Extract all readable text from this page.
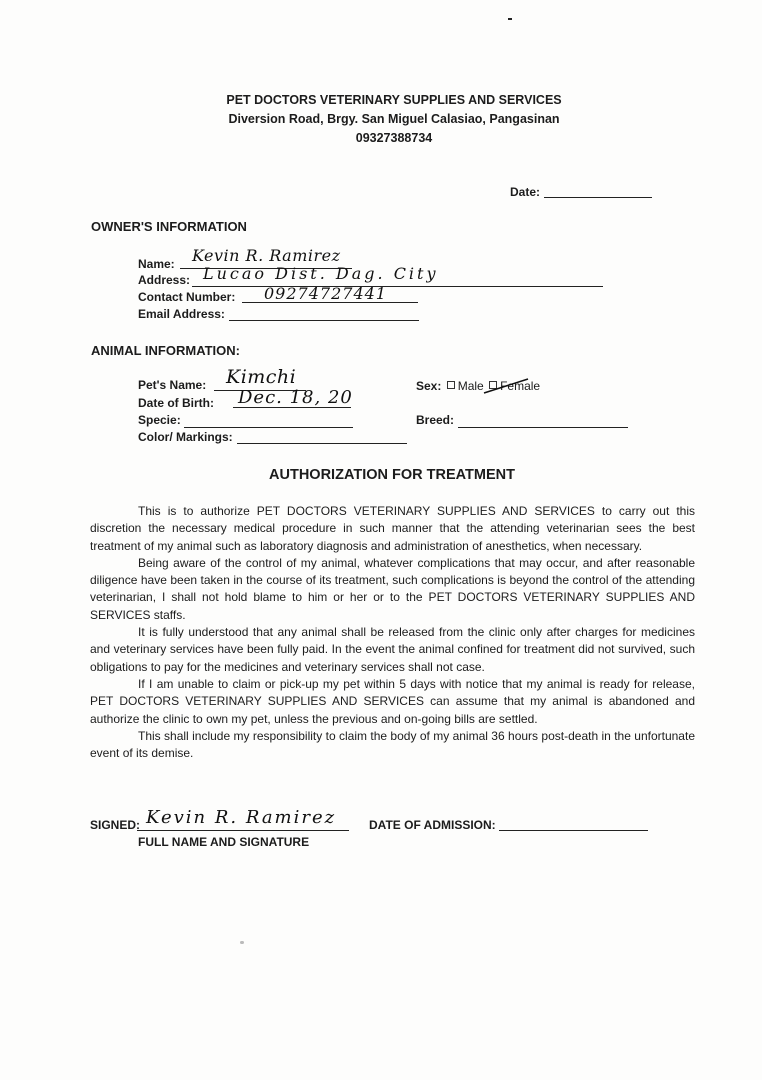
PET DOCTORS VETERINARY SUPPLIES AND SERVICES
Diversion Road, Brgy. San Miguel Calasiao, Pangasinan
09327388734
Date:
OWNER'S INFORMATION
Name: Kevin R. Ramirez
Address: Lucao Dist. Dag. City
Contact Number: 09274727441
Email Address:
ANIMAL INFORMATION:
Pet's Name: Kimchi
Date of Birth: Dec. 18, 20
Specie:
Color/ Markings:
Sex: Male Female
Breed:
AUTHORIZATION FOR TREATMENT

This is to authorize PET DOCTORS VETERINARY SUPPLIES AND SERVICES to carry out this discretion the necessary medical procedure in such manner that the attending veterinarian sees the best treatment of my animal such as laboratory diagnosis and administration of anesthetics, when necessary.

Being aware of the control of my animal, whatever complications that may occur, and after reasonable diligence have been taken in the course of its treatment, such complications is beyond the control of the attending veterinarian, I shall not hold blame to him or her or to the PET DOCTORS VETERINARY SUPPLIES AND SERVICES staffs.

It is fully understood that any animal shall be released from the clinic only after charges for medicines and veterinary services have been fully paid. In the event the animal confined for treatment did not survived, such obligations to pay for the medicines and veterinary services shall not case.

If I am unable to claim or pick-up my pet within 5 days with notice that my animal is ready for release, PET DOCTORS VETERINARY SUPPLIES AND SERVICES can assume that my animal is abandoned and authorize the clinic to own my pet, unless the previous and on-going bills are settled.

This shall include my responsibility to claim the body of my animal 36 hours post-death in the unfortunate event of its demise.

SIGNED: Kevin R. Ramirez
FULL NAME AND SIGNATURE
DATE OF ADMISSION:
